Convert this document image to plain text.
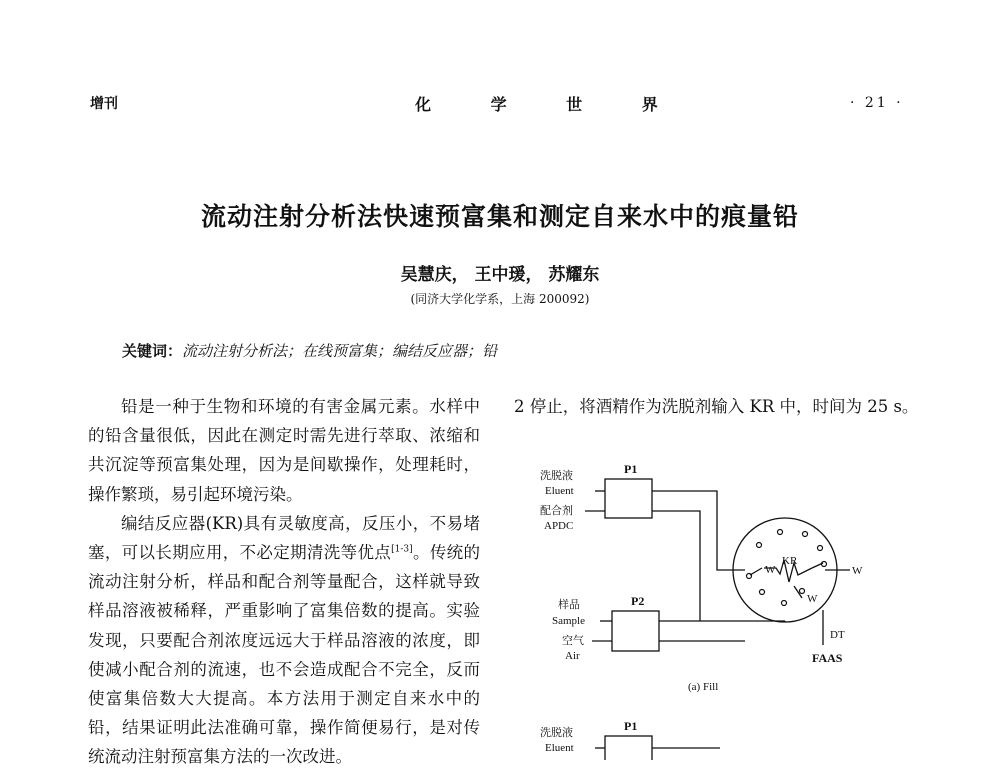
增刊	化 学 世 界	· 21 ·
流动注射分析法快速预富集和测定自来水中的痕量铅
吴慧庆， 王中瑗， 苏耀东
(同济大学化学系，上海 200092)
关键词：流动注射分析法；在线预富集；编结反应器；铅

铅是一种于生物和环境的有害金属元素。水样中的铅含量很低，因此在测定时需先进行萃取、浓缩和共沉淀等预富集处理，因为是间歇操作，处理耗时，操作繁琐，易引起环境污染。

编结反应器(KR)具有灵敏度高，反压小，不易堵塞，可以长期应用，不必定期清洗等优点[1-3]。传统的流动注射分析，样品和配合剂等量配合，这样就导致样品溶液被稀释，严重影响了富集倍数的提高。实验发现，只要配合剂浓度远远大于样品溶液的浓度，即使减小配合剂的流速，也不会造成配合不完全，反而使富集倍数大大提高。本方法用于测定自来水中的铅，结果证明此法准确可靠，操作简便易行，是对传统流动注射预富集方法的一次改进。

2 停止，将酒精作为洗脱剂输入 KR 中，时间为 25 s。

P1
P2
洗脱液
Eluent
配合剂
APDC
样品
Sample
空气
Air
KR
W	W
W
DT
FAAS
(a) Fill
P1
洗脱液
Eluent
